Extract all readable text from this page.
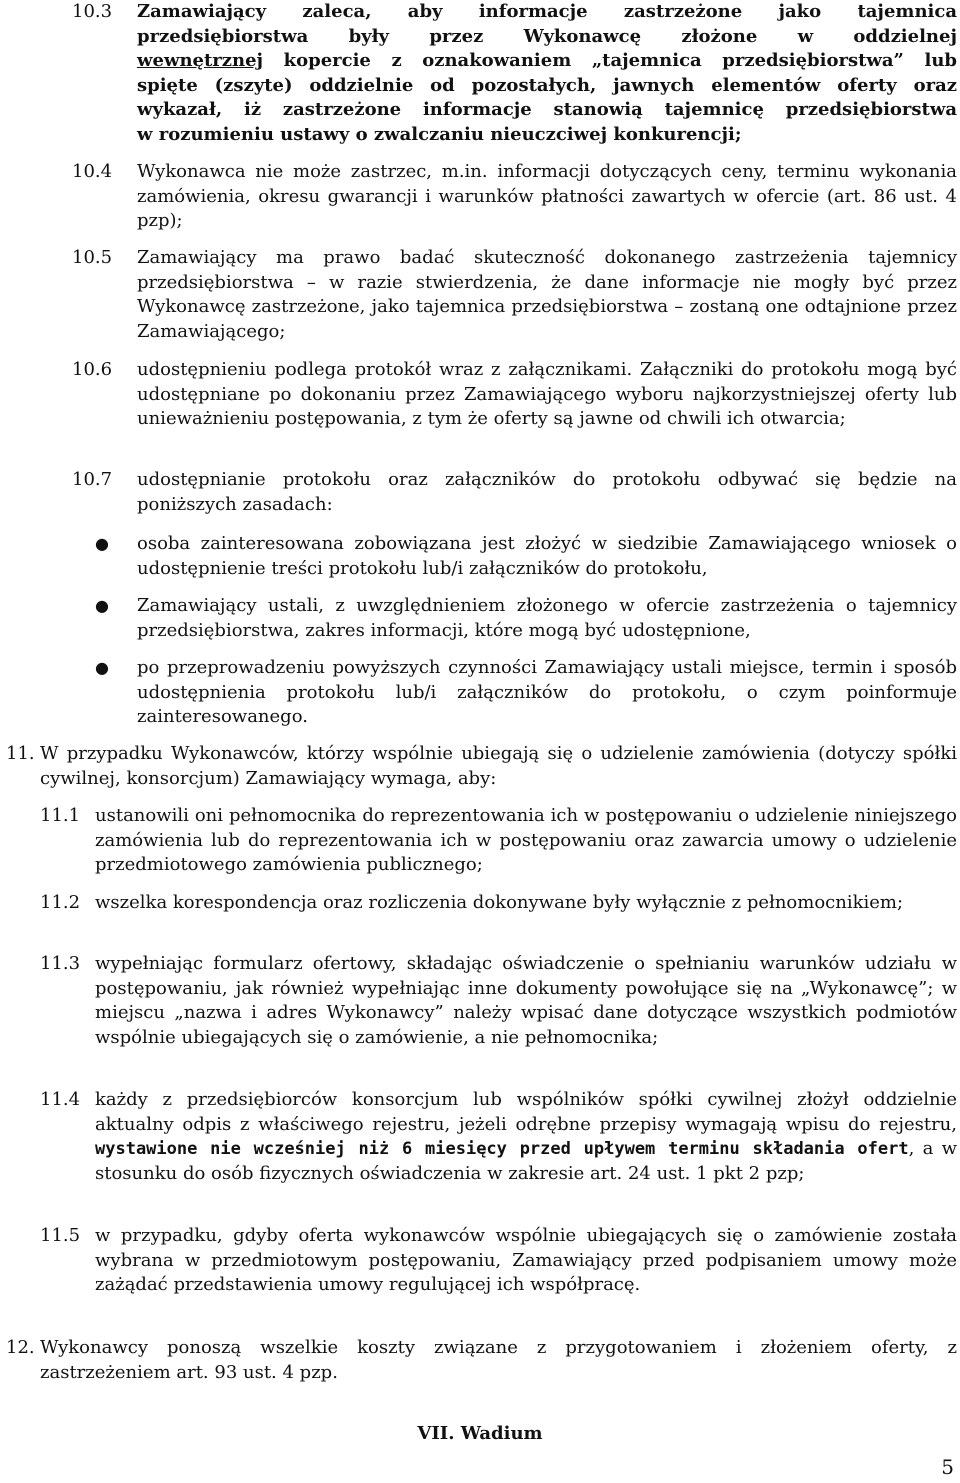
10.3 Zamawiający zaleca, aby informacje zastrzeżone jako tajemnica
przedsiębiorstwa były przez Wykonawcę złożone w oddzielnej
wewnętrznej kopercie z oznakowaniem „tajemnica przedsiębiorstwa” lub
spięte (zszyte) oddzielnie od pozostałych, jawnych elementów oferty oraz
wykazał, iż zastrzeżone informacje stanowią tajemnicę przedsiębiorstwa
w rozumieniu ustawy o zwalczaniu nieuczciwej konkurencji;
10.4 Wykonawca nie może zastrzec, m.in. informacji dotyczących ceny, terminu wykonania zamówienia, okresu gwarancji i warunków płatności zawartych w ofercie (art. 86 ust. 4 pzp);
10.5 Zamawiający ma prawo badać skuteczność dokonanego zastrzeżenia tajemnicy przedsiębiorstwa – w razie stwierdzenia, że dane informacje nie mogły być przez Wykonawcę zastrzeżone, jako tajemnica przedsiębiorstwa – zostaną one odtajnione przez Zamawiającego;
10.6 udostępnieniu podlega protokół wraz z załącznikami. Załączniki do protokołu mogą być udostępniane po dokonaniu przez Zamawiającego wyboru najkorzystniejszej oferty lub unieważnieniu postępowania, z tym że oferty są jawne od chwili ich otwarcia;
10.7 udostępnianie protokołu oraz załączników do protokołu odbywać się będzie na poniższych zasadach:
● osoba zainteresowana zobowiązana jest złożyć w siedzibie Zamawiającego wniosek o udostępnienie treści protokołu lub/i załączników do protokołu,
● Zamawiający ustali, z uwzględnieniem złożonego w ofercie zastrzeżenia o tajemnicy przedsiębiorstwa, zakres informacji, które mogą być udostępnione,
● po przeprowadzeniu powyższych czynności Zamawiający ustali miejsce, termin i sposób udostępnienia protokołu lub/i załączników do protokołu, o czym poinformuje zainteresowanego.
11. W przypadku Wykonawców, którzy wspólnie ubiegają się o udzielenie zamówienia (dotyczy spółki cywilnej, konsorcjum) Zamawiający wymaga, aby:
11.1 ustanowili oni pełnomocnika do reprezentowania ich w postępowaniu o udzielenie niniejszego zamówienia lub do reprezentowania ich w postępowaniu oraz zawarcia umowy o udzielenie przedmiotowego zamówienia publicznego;
11.2 wszelka korespondencja oraz rozliczenia dokonywane były wyłącznie z pełnomocnikiem;
11.3 wypełniając formularz ofertowy, składając oświadczenie o spełnianiu warunków udziału w postępowaniu, jak również wypełniając inne dokumenty powołujące się na „Wykonawcę”; w miejscu „nazwa i adres Wykonawcy” należy wpisać dane dotyczące wszystkich podmiotów wspólnie ubiegających się o zamówienie, a nie pełnomocnika;
11.4 każdy z przedsiębiorców konsorcjum lub wspólników spółki cywilnej złożył oddzielnie aktualny odpis z właściwego rejestru, jeżeli odrębne przepisy wymagają wpisu do rejestru, wystawione nie wcześniej niż 6 miesięcy przed upływem terminu składania ofert, a w stosunku do osób fizycznych oświadczenia w zakresie art. 24 ust. 1 pkt 2 pzp;
11.5 w przypadku, gdyby oferta wykonawców wspólnie ubiegających się o zamówienie została wybrana w przedmiotowym postępowaniu, Zamawiający przed podpisaniem umowy może zażądać przedstawienia umowy regulującej ich współpracę.
12. Wykonawcy ponoszą wszelkie koszty związane z przygotowaniem i złożeniem oferty, z zastrzeżeniem art. 93 ust. 4 pzp.
VII. Wadium
5
